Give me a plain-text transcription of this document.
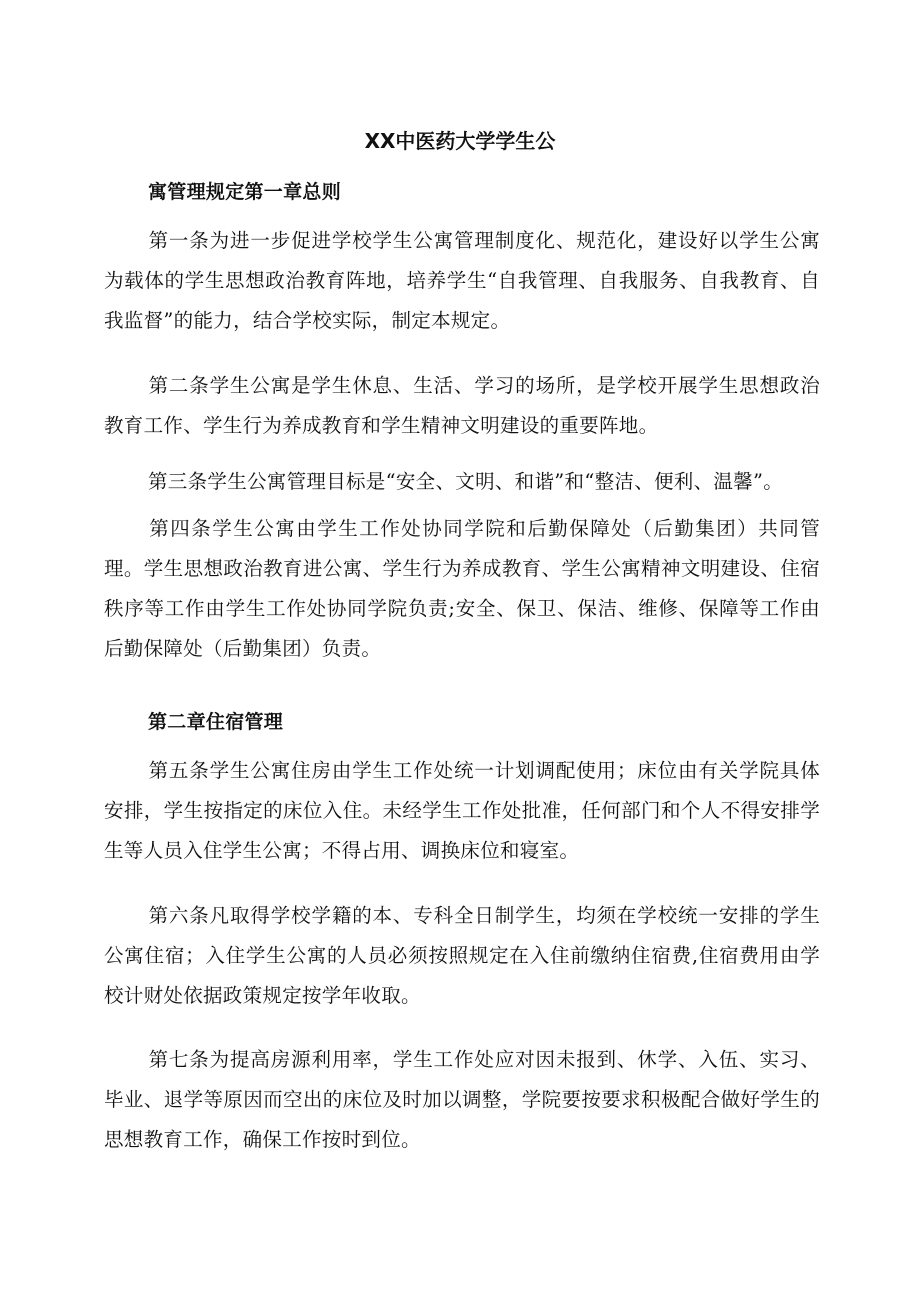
XX中医药大学学生公
寓管理规定第一章总则
第一条为进一步促进学校学生公寓管理制度化、规范化，建设好以学生公寓为载体的学生思想政治教育阵地，培养学生“自我管理、自我服务、自我教育、自我监督”的能力，结合学校实际，制定本规定。
第二条学生公寓是学生休息、生活、学习的场所，是学校开展学生思想政治教育工作、学生行为养成教育和学生精神文明建设的重要阵地。
第三条学生公寓管理目标是“安全、文明、和谐”和“整洁、便利、温馨”。
第四条学生公寓由学生工作处协同学院和后勤保障处（后勤集团）共同管理。学生思想政治教育进公寓、学生行为养成教育、学生公寓精神文明建设、住宿秩序等工作由学生工作处协同学院负责;安全、保卫、保洁、维修、保障等工作由后勤保障处（后勤集团）负责。
第二章住宿管理
第五条学生公寓住房由学生工作处统一计划调配使用；床位由有关学院具体安排，学生按指定的床位入住。未经学生工作处批准，任何部门和个人不得安排学生等人员入住学生公寓；不得占用、调换床位和寝室。
第六条凡取得学校学籍的本、专科全日制学生，均须在学校统一安排的学生公寓住宿；入住学生公寓的人员必须按照规定在入住前缴纳住宿费,住宿费用由学校计财处依据政策规定按学年收取。
第七条为提高房源利用率，学生工作处应对因未报到、休学、入伍、实习、毕业、退学等原因而空出的床位及时加以调整，学院要按要求积极配合做好学生的思想教育工作，确保工作按时到位。
